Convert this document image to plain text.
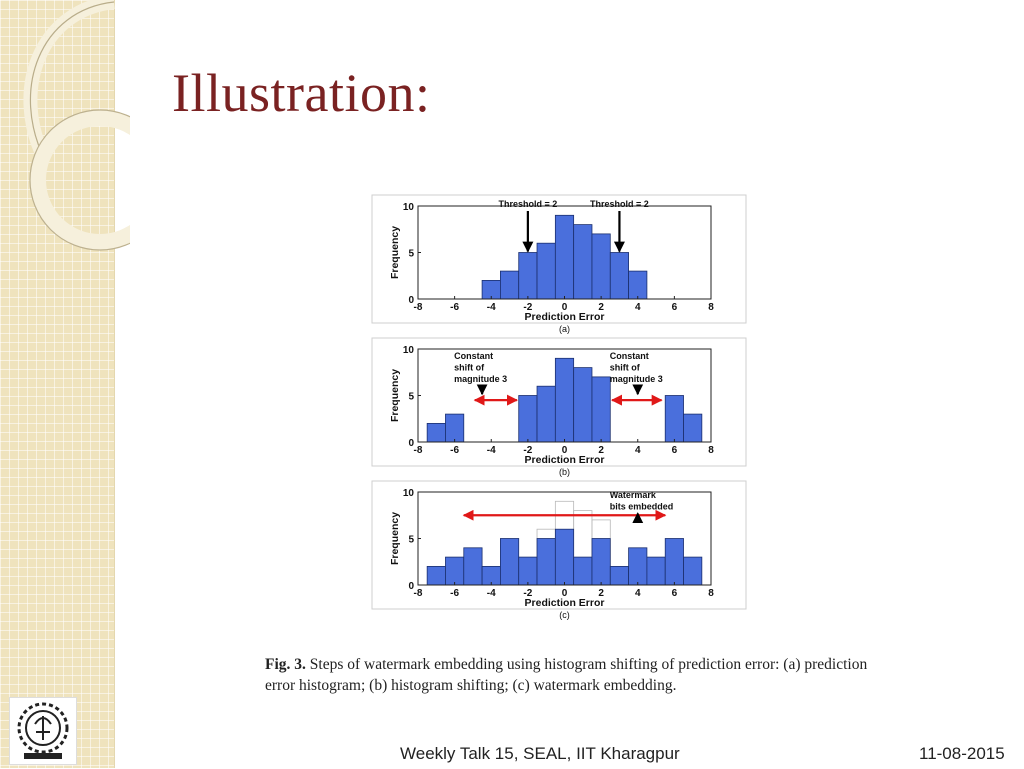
Illustration:
-8	-6	-4	-2	0	2	4	6	8
0
5
10
Prediction Error
Frequency
(a)
Threshold = 2	Threshold = 2
-8	-6	-4	-2	0	2	4	6	8
0
5
10
Prediction Error
Frequency
(b)
Constant
shift of
magnitude 3
Constant
shift of
magnitude 3
-8	-6	-4	-2	0	2	4	6	8
0
5
10
Prediction Error
Frequency
(c)
Watermark
bits embedded
Fig. 3. Steps of watermark embedding using histogram shifting of prediction error: (a) prediction error histogram; (b) histogram shifting; (c) watermark embedding.
Weekly Talk 15, SEAL, IIT Kharagpur	11-08-2015
